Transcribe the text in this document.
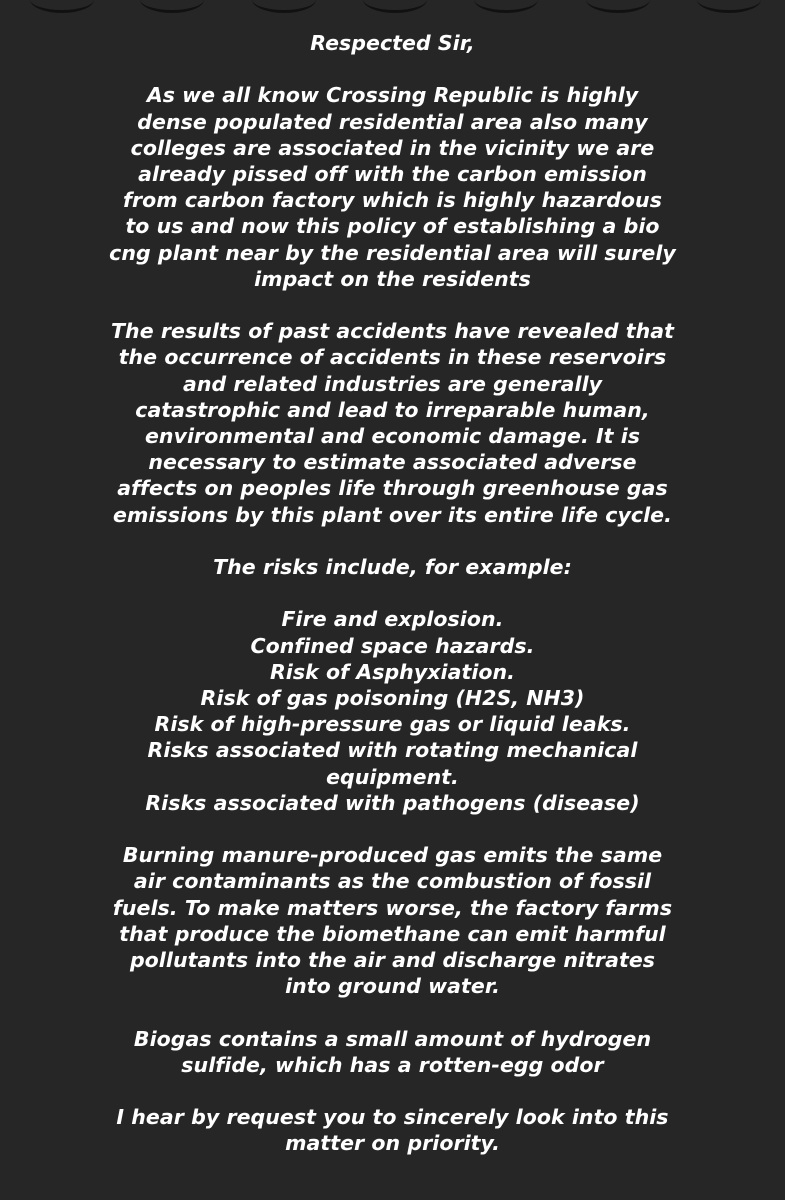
Respected Sir,
As we all know Crossing Republic is highly
dense populated residential area also many
colleges are associated in the vicinity we are
already pissed off with the carbon emission
from carbon factory which is highly hazardous
to us and now this policy of establishing a bio
cng plant near by the residential area will surely
impact on the residents
The results of past accidents have revealed that
the occurrence of accidents in these reservoirs
and related industries are generally
catastrophic and lead to irreparable human,
environmental and economic damage. It is
necessary to estimate associated adverse
affects on peoples life through greenhouse gas
emissions by this plant over its entire life cycle.
The risks include, for example:
Fire and explosion.
Confined space hazards.
Risk of Asphyxiation.
Risk of gas poisoning (H2S, NH3)
Risk of high-pressure gas or liquid leaks.
Risks associated with rotating mechanical
equipment.
Risks associated with pathogens (disease)
Burning manure-produced gas emits the same
air contaminants as the combustion of fossil
fuels. To make matters worse, the factory farms
that produce the biomethane can emit harmful
pollutants into the air and discharge nitrates
into ground water.
Biogas contains a small amount of hydrogen
sulfide, which has a rotten-egg odor
I hear by request you to sincerely look into this
matter on priority.
